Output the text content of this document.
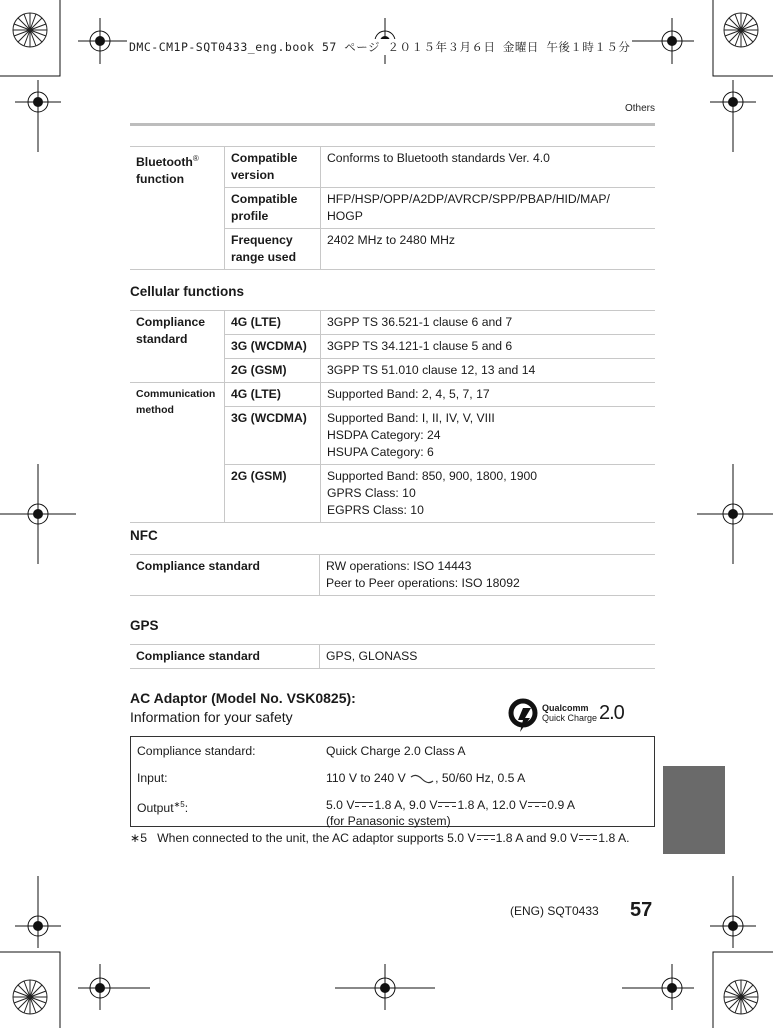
DMC-CM1P-SQT0433_eng.book 57 ページ ２０１５年３月６日 金曜日 午後１時１５分
Others
Bluetooth®
function	Compatible version	Conforms to Bluetooth standards Ver. 4.0
	Compatible profile	HFP/HSP/OPP/A2DP/AVRCP/SPP/PBAP/HID/MAP/ HOGP
	Frequency range used	2402 MHz to 2480 MHz
Cellular functions
Compliance standard	4G (LTE)	3GPP TS 36.521-1 clause 6 and 7
	3G (WCDMA)	3GPP TS 34.121-1 clause 5 and 6
	2G (GSM)	3GPP TS 51.010 clause 12, 13 and 14
Communication method	4G (LTE)	Supported Band: 2, 4, 5, 7, 17
	3G (WCDMA)	Supported Band: I, II, IV, V, VIII
HSDPA Category: 24
HSUPA Category: 6

	2G (GSM)	Supported Band: 850, 900, 1800, 1900
GPRS Class: 10
EGPRS Class: 10
NFC
Compliance standard	RW operations: ISO 14443
Peer to Peer operations: ISO 18092
GPS
Compliance standard	GPS, GLONASS
AC Adaptor (Model No. VSK0825):
Information for your safety
Qualcomm
Quick Charge 2.0
Compliance standard:	Quick Charge 2.0 Class A
Input:	110 V to 240 V , 50/60 Hz, 0.5 A
Output$^{∗5}$:	5.0 V 1.8 A, 9.0 V 1.8 A, 12.0 V 0.9 A
(for Panasonic system)
∗5 When connected to the unit, the AC adaptor supports 5.0 V 1.8 A and 9.0 V 1.8 A.
(ENG) SQT0433 57
